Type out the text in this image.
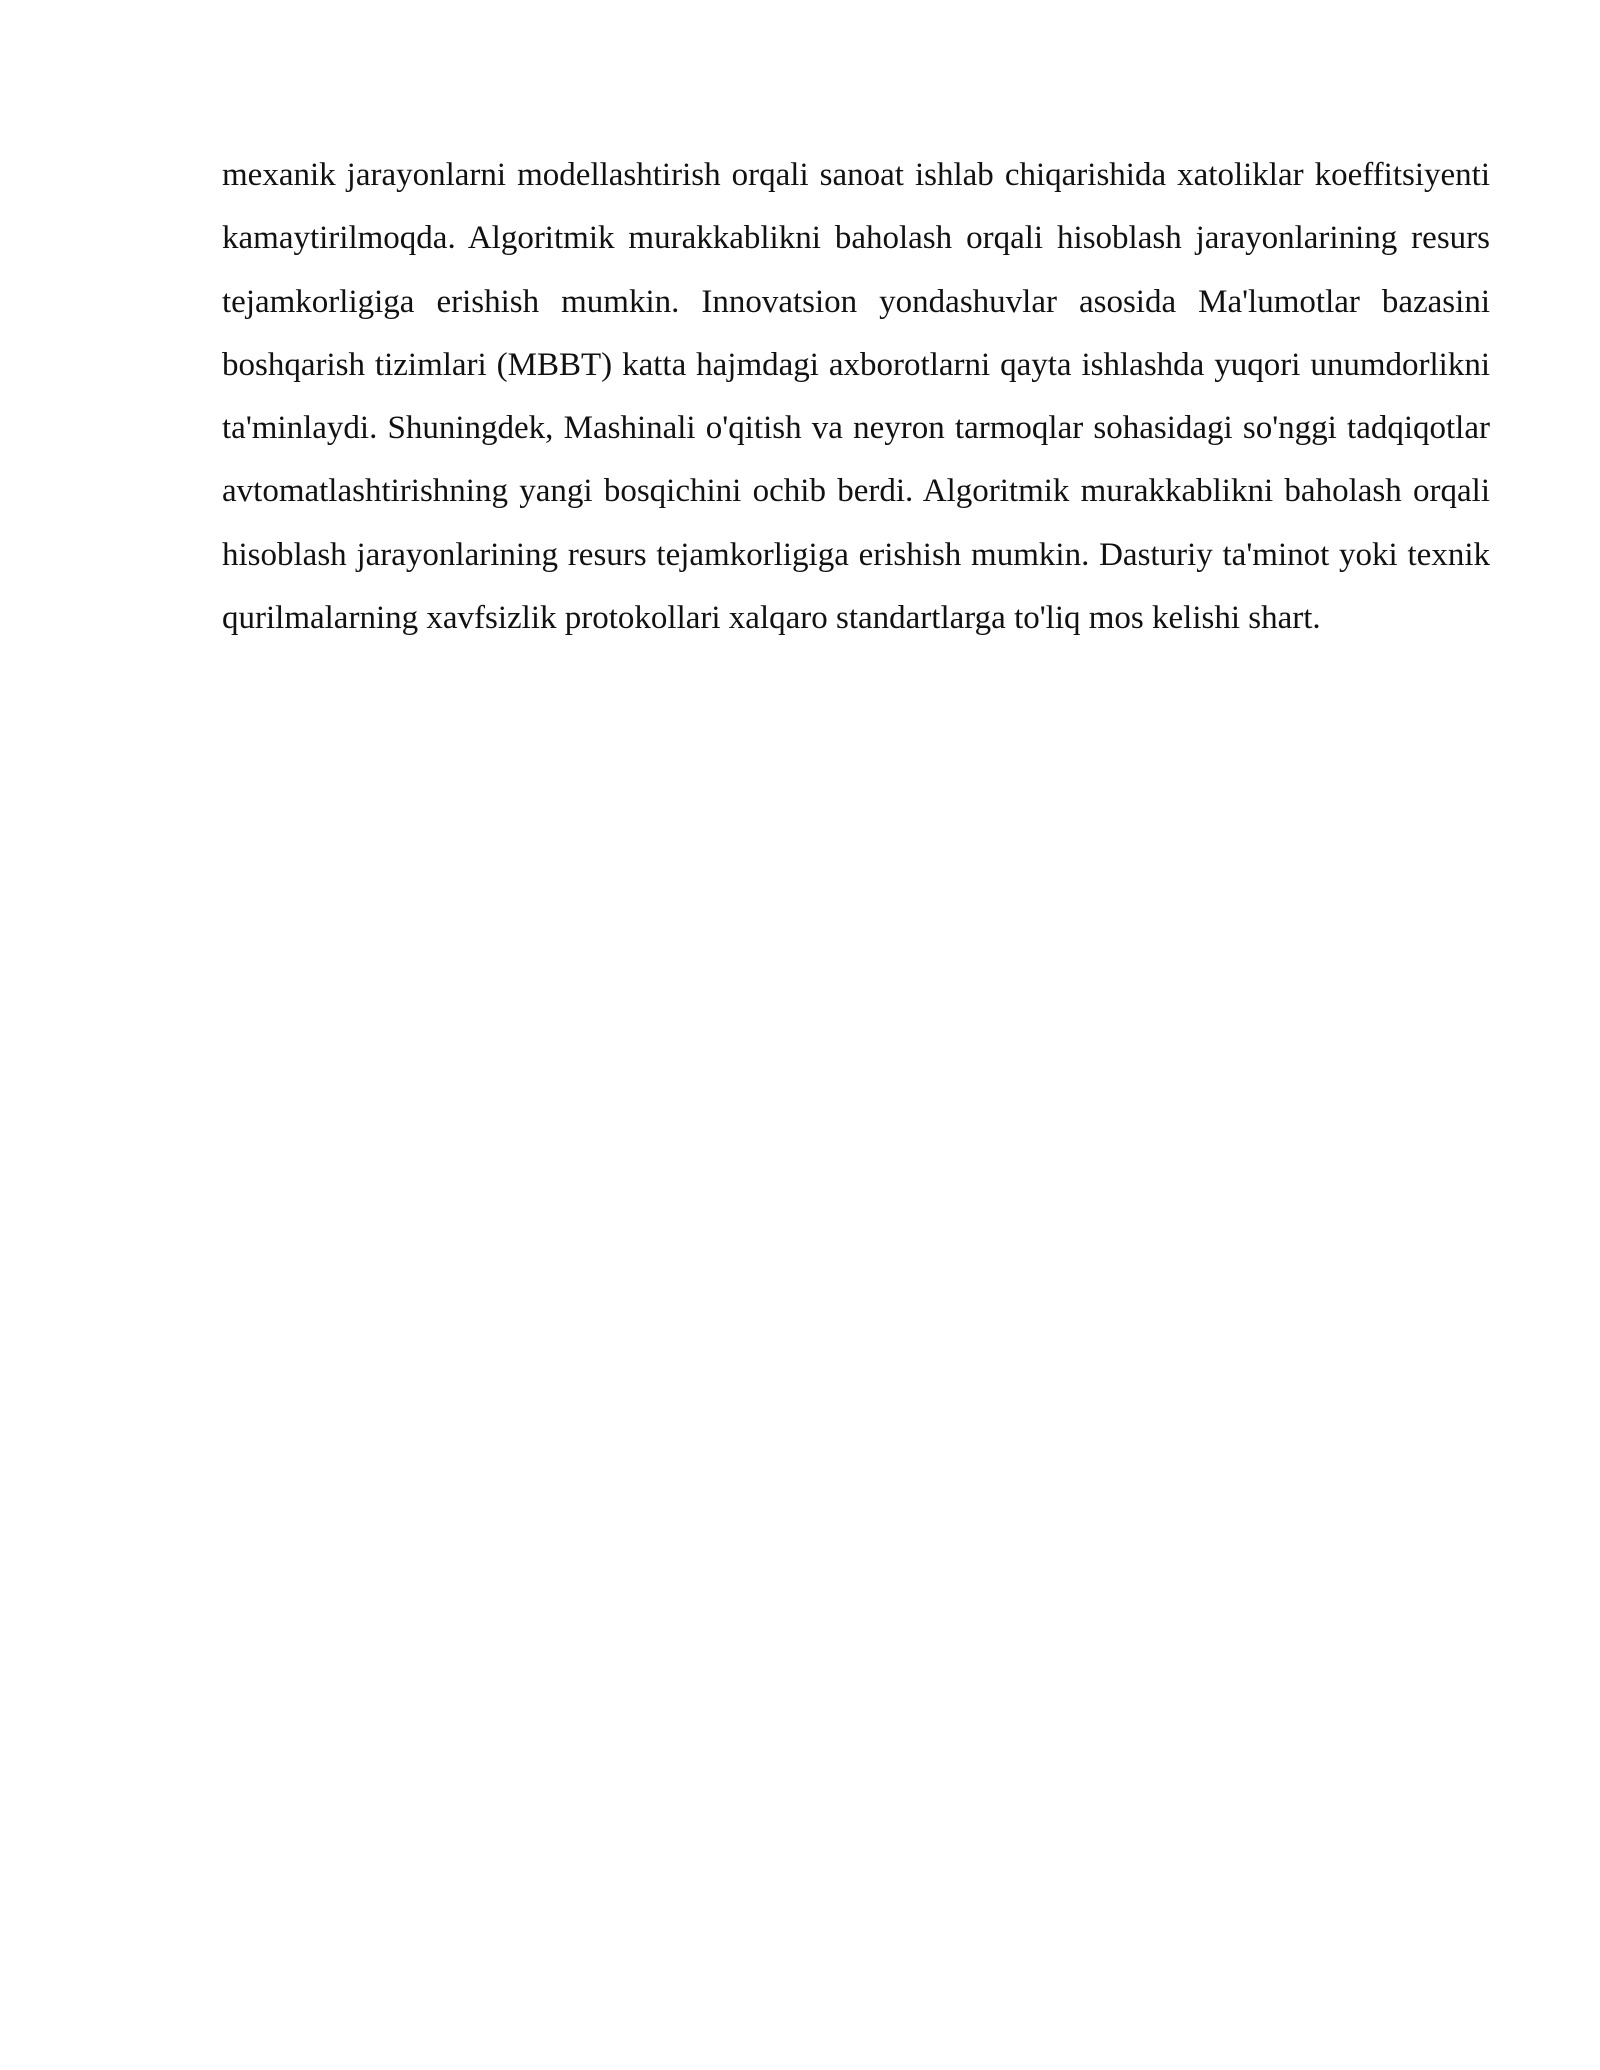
mexanik jarayonlarni modellashtirish orqali sanoat ishlab chiqarishida xatoliklar koeffitsiyenti kamaytirilmoqda. Algoritmik murakkablikni baholash orqali hisoblash jarayonlarining resurs tejamkorligiga erishish mumkin. Innovatsion yondashuvlar asosida Ma'lumotlar bazasini boshqarish tizimlari (MBBT) katta hajmdagi axborotlarni qayta ishlashda yuqori unumdorlikni ta'minlaydi. Shuningdek, Mashinali o'qitish va neyron tarmoqlar sohasidagi so'nggi tadqiqotlar avtomatlashtirishning yangi bosqichini ochib berdi. Algoritmik murakkablikni baholash orqali hisoblash jarayonlarining resurs tejamkorligiga erishish mumkin. Dasturiy ta'minot yoki texnik qurilmalarning xavfsizlik protokollari xalqaro standartlarga to'liq mos kelishi shart.
